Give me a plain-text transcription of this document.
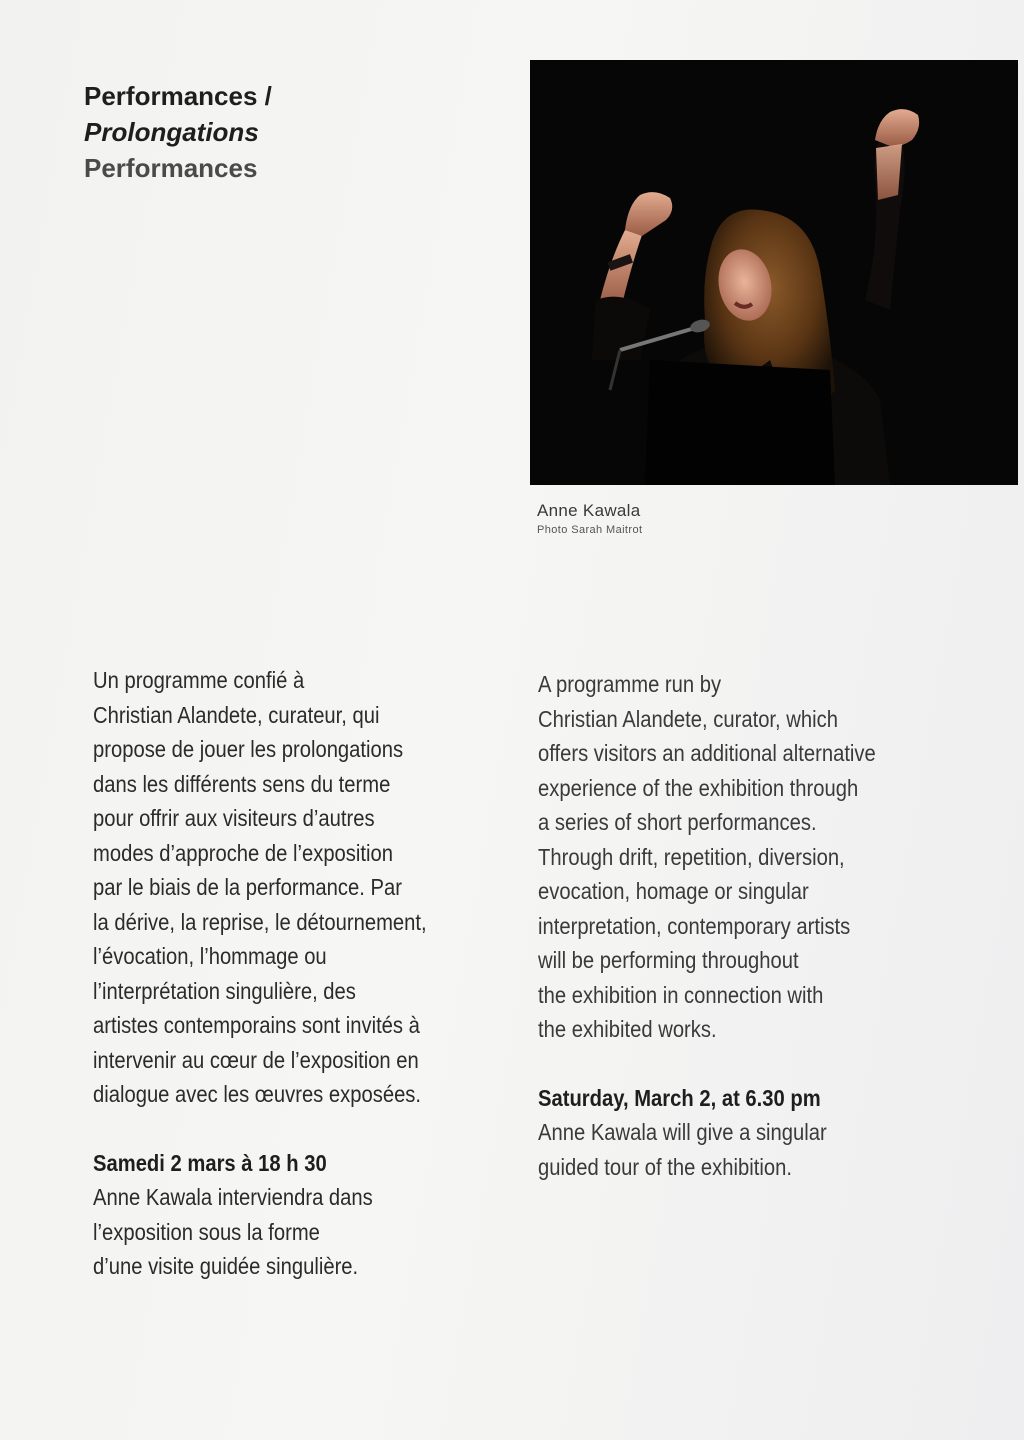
Performances /
Prolongations
Performances
Anne Kawala
Photo Sarah Maitrot

Un programme confié à
Christian Alandete, curateur, qui
propose de jouer les prolongations
dans les différents sens du terme
pour offrir aux visiteurs d’autres
modes d’approche de l’exposition
par le biais de la performance. Par
la dérive, la reprise, le détournement,
l’évocation, l’hommage ou
l’interprétation singulière, des
artistes contemporains sont invités à
intervenir au cœur de l’exposition en
dialogue avec les œuvres exposées.

Samedi 2 mars à 18 h 30

Anne Kawala interviendra dans
l’exposition sous la forme
d’une visite guidée singulière.

A programme run by
Christian Alandete, curator, which
offers visitors an additional alternative
experience of the exhibition through
a series of short performances.
Through drift, repetition, diversion,
evocation, homage or singular
interpretation, contemporary artists
will be performing throughout
the exhibition in connection with
the exhibited works.

Saturday, March 2, at 6.30 pm

Anne Kawala will give a singular
guided tour of the exhibition.
